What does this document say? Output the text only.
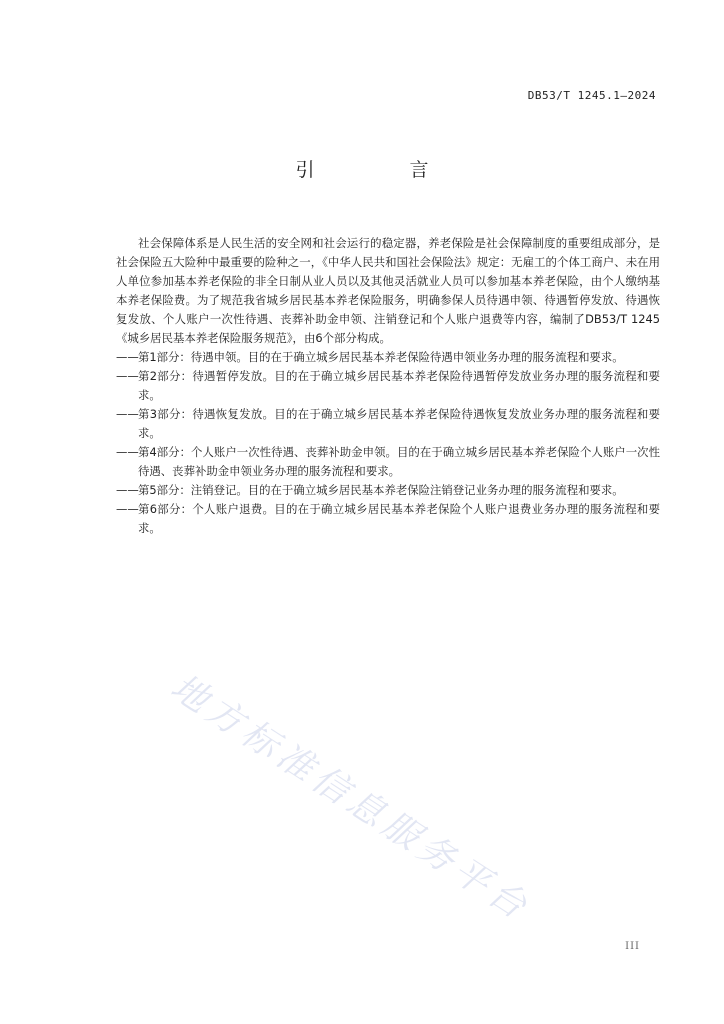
DB53/T 1245.1—2024
引　言

社会保障体系是人民生活的安全网和社会运行的稳定器，养老保险是社会保障制度的重要组成部分，是社会保险五大险种中最重要的险种之一，《中华人民共和国社会保险法》规定：无雇工的个体工商户、未在用人单位参加基本养老保险的非全日制从业人员以及其他灵活就业人员可以参加基本养老保险，由个人缴纳基本养老保险费。为了规范我省城乡居民基本养老保险服务，明确参保人员待遇申领、待遇暂停发放、待遇恢复发放、个人账户一次性待遇、丧葬补助金申领、注销登记和个人账户退费等内容，编制了DB53/T 1245 《城乡居民基本养老保险服务规范》，由6个部分构成。

—— 第1部分：待遇申领。目的在于确立城乡居民基本养老保险待遇申领业务办理的服务流程和要求。

—— 第2部分：待遇暂停发放。目的在于确立城乡居民基本养老保险待遇暂停发放业务办理的服务流程和要求。

—— 第3部分：待遇恢复发放。目的在于确立城乡居民基本养老保险待遇恢复发放业务办理的服务流程和要求。

—— 第4部分：个人账户一次性待遇、丧葬补助金申领。目的在于确立城乡居民基本养老保险个人账户一次性待遇、丧葬补助金申领业务办理的服务流程和要求。

—— 第5部分：注销登记。目的在于确立城乡居民基本养老保险注销登记业务办理的服务流程和要求。

—— 第6部分：个人账户退费。目的在于确立城乡居民基本养老保险个人账户退费业务办理的服务流程和要求。

地方标准信息服务平台
III
